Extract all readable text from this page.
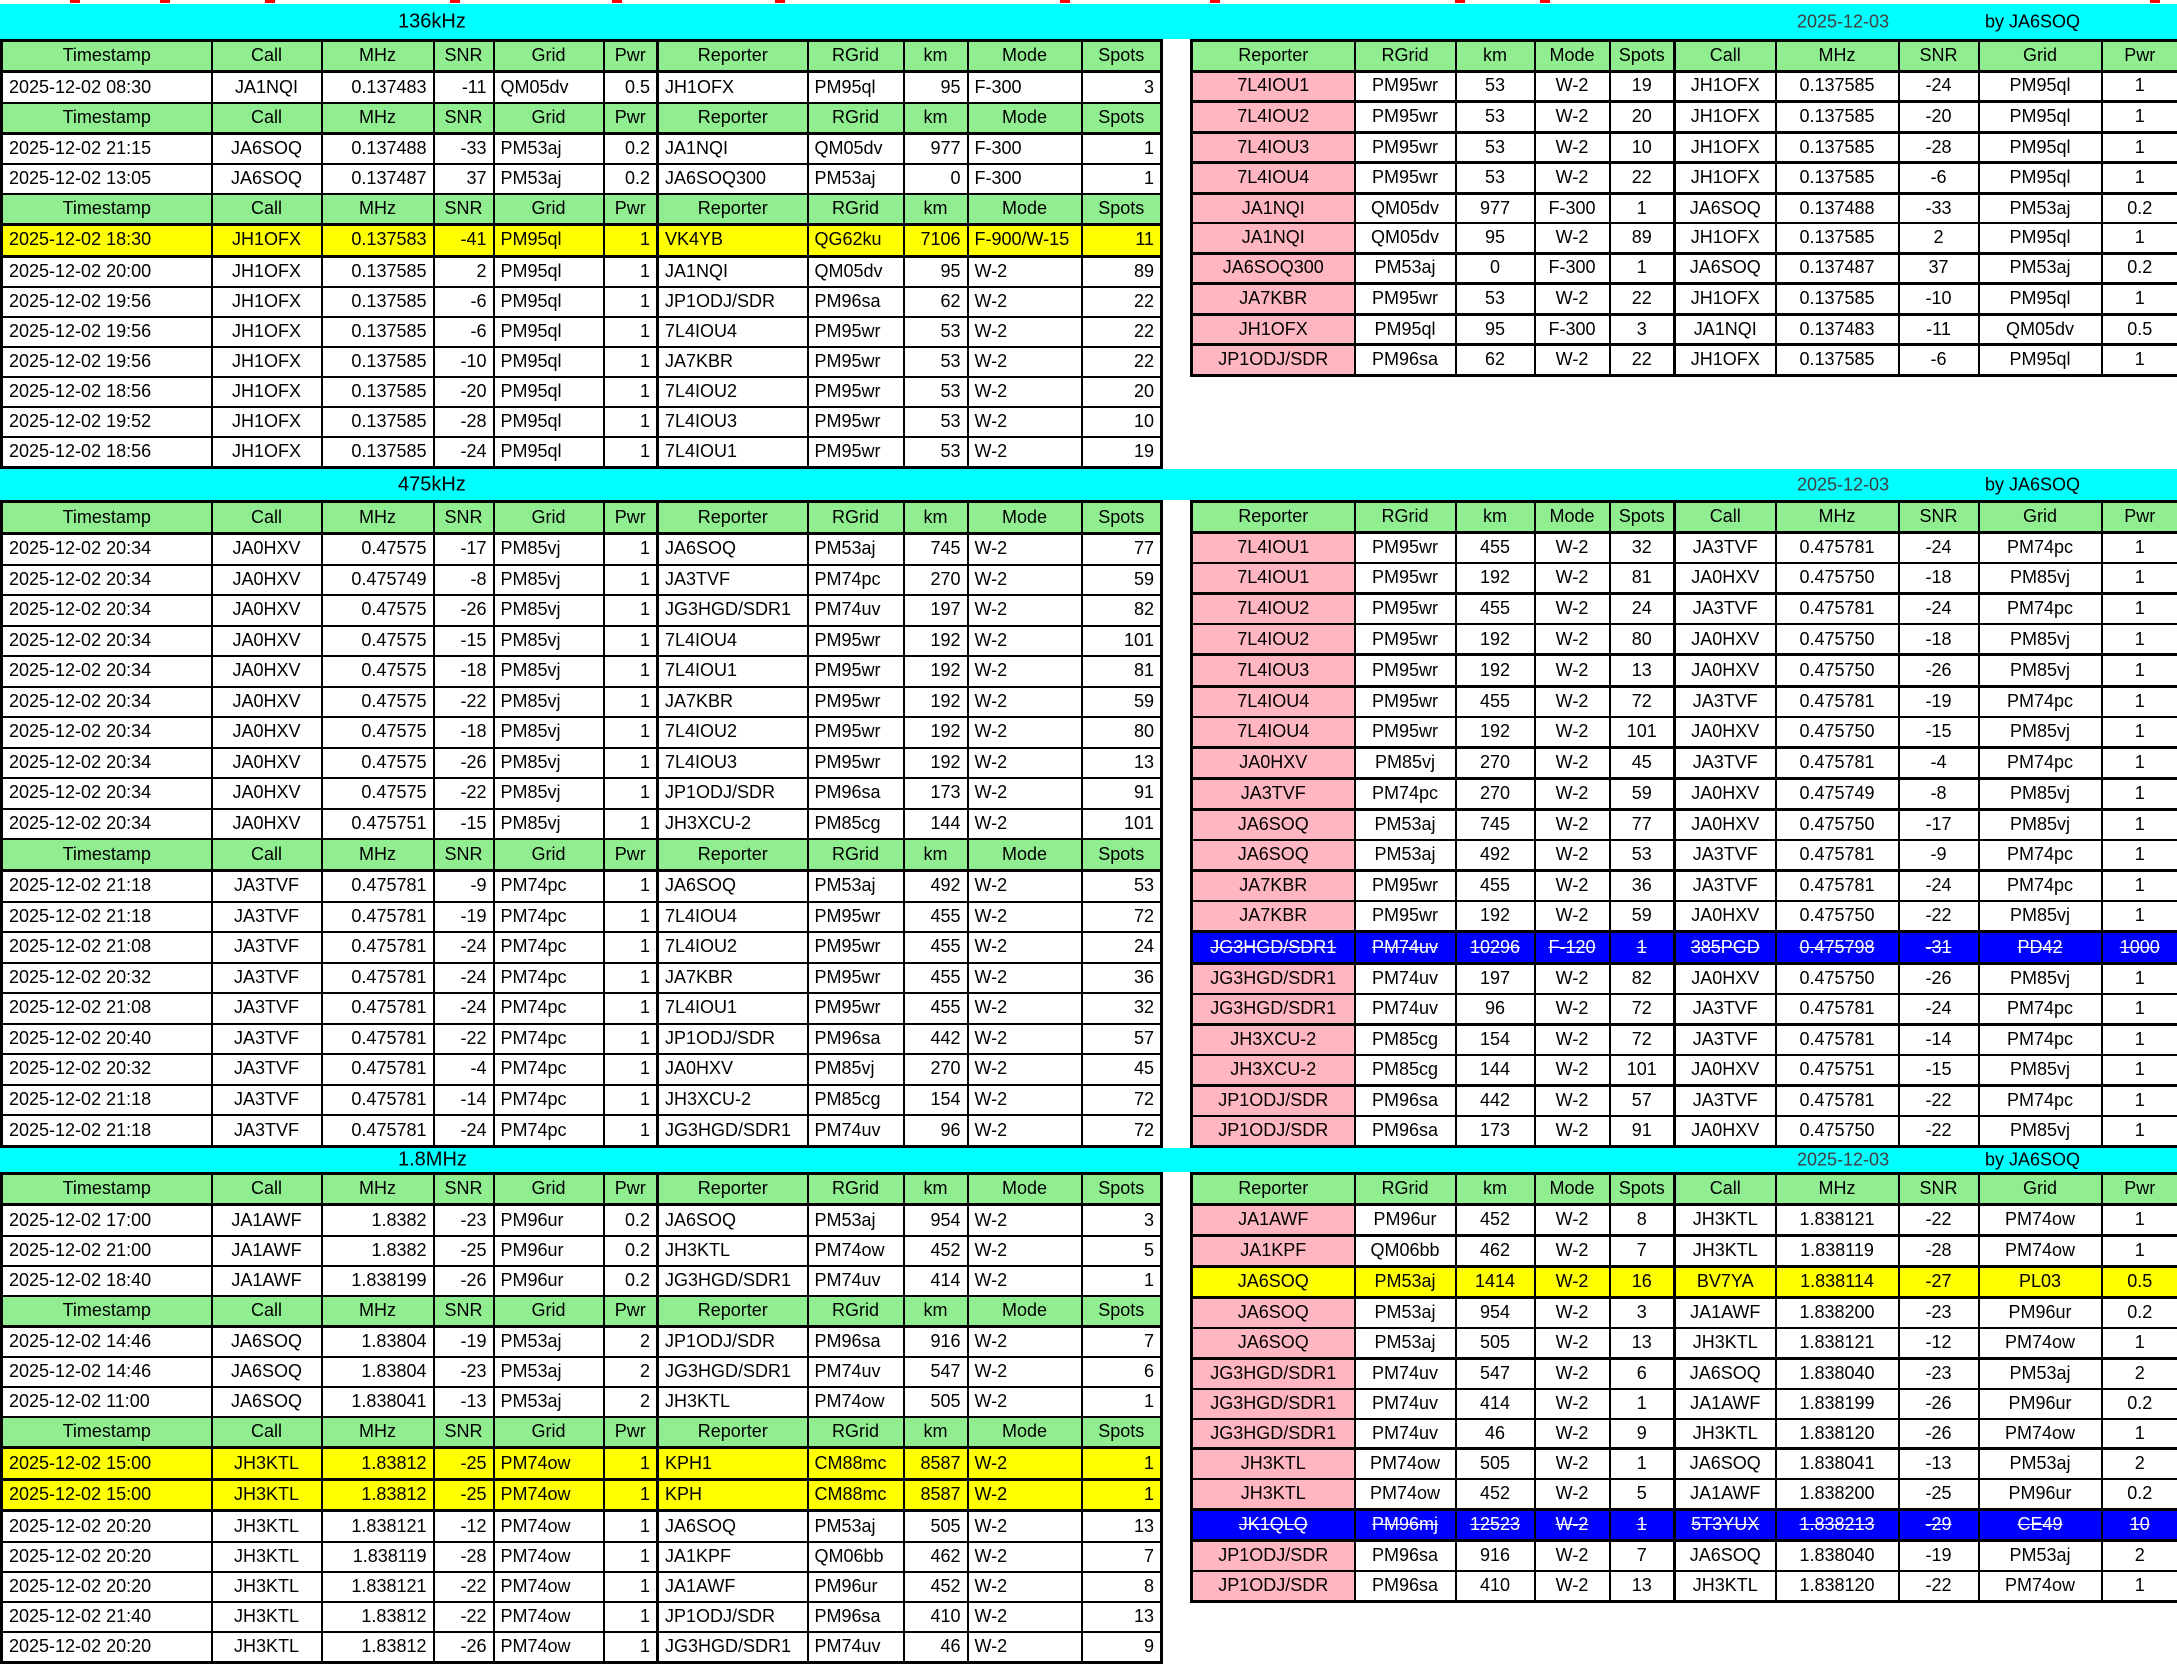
136kHz	2025-12-03	by JA6SOQ
Timestamp	Call	MHz	SNR	Grid	Pwr	Reporter	RGrid	km	Mode	Spots
2025-12-02 08:30	JA1NQI	0.137483	-11	QM05dv	0.5	JH1OFX	PM95ql	95	F-300	3
Timestamp	Call	MHz	SNR	Grid	Pwr	Reporter	RGrid	km	Mode	Spots
2025-12-02 21:15	JA6SOQ	0.137488	-33	PM53aj	0.2	JA1NQI	QM05dv	977	F-300	1
2025-12-02 13:05	JA6SOQ	0.137487	37	PM53aj	0.2	JA6SOQ300	PM53aj	0	F-300	1
Timestamp	Call	MHz	SNR	Grid	Pwr	Reporter	RGrid	km	Mode	Spots
2025-12-02 18:30	JH1OFX	0.137583	-41	PM95ql	1	VK4YB	QG62ku	7106	F-900/W-15	11
2025-12-02 20:00	JH1OFX	0.137585	2	PM95ql	1	JA1NQI	QM05dv	95	W-2	89
2025-12-02 19:56	JH1OFX	0.137585	-6	PM95ql	1	JP1ODJ/SDR	PM96sa	62	W-2	22
2025-12-02 19:56	JH1OFX	0.137585	-6	PM95ql	1	7L4IOU4	PM95wr	53	W-2	22
2025-12-02 19:56	JH1OFX	0.137585	-10	PM95ql	1	JA7KBR	PM95wr	53	W-2	22
2025-12-02 18:56	JH1OFX	0.137585	-20	PM95ql	1	7L4IOU2	PM95wr	53	W-2	20
2025-12-02 19:52	JH1OFX	0.137585	-28	PM95ql	1	7L4IOU3	PM95wr	53	W-2	10
2025-12-02 18:56	JH1OFX	0.137585	-24	PM95ql	1	7L4IOU1	PM95wr	53	W-2	19
Reporter	RGrid	km	Mode	Spots	Call	MHz	SNR	Grid	Pwr
7L4IOU1	PM95wr	53	W-2	19	JH1OFX	0.137585	-24	PM95ql	1
7L4IOU2	PM95wr	53	W-2	20	JH1OFX	0.137585	-20	PM95ql	1
7L4IOU3	PM95wr	53	W-2	10	JH1OFX	0.137585	-28	PM95ql	1
7L4IOU4	PM95wr	53	W-2	22	JH1OFX	0.137585	-6	PM95ql	1
JA1NQI	QM05dv	977	F-300	1	JA6SOQ	0.137488	-33	PM53aj	0.2
JA1NQI	QM05dv	95	W-2	89	JH1OFX	0.137585	2	PM95ql	1
JA6SOQ300	PM53aj	0	F-300	1	JA6SOQ	0.137487	37	PM53aj	0.2
JA7KBR	PM95wr	53	W-2	22	JH1OFX	0.137585	-10	PM95ql	1
JH1OFX	PM95ql	95	F-300	3	JA1NQI	0.137483	-11	QM05dv	0.5
JP1ODJ/SDR	PM96sa	62	W-2	22	JH1OFX	0.137585	-6	PM95ql	1
475kHz	2025-12-03	by JA6SOQ
Timestamp	Call	MHz	SNR	Grid	Pwr	Reporter	RGrid	km	Mode	Spots
2025-12-02 20:34	JA0HXV	0.47575	-17	PM85vj	1	JA6SOQ	PM53aj	745	W-2	77
2025-12-02 20:34	JA0HXV	0.475749	-8	PM85vj	1	JA3TVF	PM74pc	270	W-2	59
2025-12-02 20:34	JA0HXV	0.47575	-26	PM85vj	1	JG3HGD/SDR1	PM74uv	197	W-2	82
2025-12-02 20:34	JA0HXV	0.47575	-15	PM85vj	1	7L4IOU4	PM95wr	192	W-2	101
2025-12-02 20:34	JA0HXV	0.47575	-18	PM85vj	1	7L4IOU1	PM95wr	192	W-2	81
2025-12-02 20:34	JA0HXV	0.47575	-22	PM85vj	1	JA7KBR	PM95wr	192	W-2	59
2025-12-02 20:34	JA0HXV	0.47575	-18	PM85vj	1	7L4IOU2	PM95wr	192	W-2	80
2025-12-02 20:34	JA0HXV	0.47575	-26	PM85vj	1	7L4IOU3	PM95wr	192	W-2	13
2025-12-02 20:34	JA0HXV	0.47575	-22	PM85vj	1	JP1ODJ/SDR	PM96sa	173	W-2	91
2025-12-02 20:34	JA0HXV	0.475751	-15	PM85vj	1	JH3XCU-2	PM85cg	144	W-2	101
Timestamp	Call	MHz	SNR	Grid	Pwr	Reporter	RGrid	km	Mode	Spots
2025-12-02 21:18	JA3TVF	0.475781	-9	PM74pc	1	JA6SOQ	PM53aj	492	W-2	53
2025-12-02 21:18	JA3TVF	0.475781	-19	PM74pc	1	7L4IOU4	PM95wr	455	W-2	72
2025-12-02 21:08	JA3TVF	0.475781	-24	PM74pc	1	7L4IOU2	PM95wr	455	W-2	24
2025-12-02 20:32	JA3TVF	0.475781	-24	PM74pc	1	JA7KBR	PM95wr	455	W-2	36
2025-12-02 21:08	JA3TVF	0.475781	-24	PM74pc	1	7L4IOU1	PM95wr	455	W-2	32
2025-12-02 20:40	JA3TVF	0.475781	-22	PM74pc	1	JP1ODJ/SDR	PM96sa	442	W-2	57
2025-12-02 20:32	JA3TVF	0.475781	-4	PM74pc	1	JA0HXV	PM85vj	270	W-2	45
2025-12-02 21:18	JA3TVF	0.475781	-14	PM74pc	1	JH3XCU-2	PM85cg	154	W-2	72
2025-12-02 21:18	JA3TVF	0.475781	-24	PM74pc	1	JG3HGD/SDR1	PM74uv	96	W-2	72
Reporter	RGrid	km	Mode	Spots	Call	MHz	SNR	Grid	Pwr
7L4IOU1	PM95wr	455	W-2	32	JA3TVF	0.475781	-24	PM74pc	1
7L4IOU1	PM95wr	192	W-2	81	JA0HXV	0.475750	-18	PM85vj	1
7L4IOU2	PM95wr	455	W-2	24	JA3TVF	0.475781	-24	PM74pc	1
7L4IOU2	PM95wr	192	W-2	80	JA0HXV	0.475750	-18	PM85vj	1
7L4IOU3	PM95wr	192	W-2	13	JA0HXV	0.475750	-26	PM85vj	1
7L4IOU4	PM95wr	455	W-2	72	JA3TVF	0.475781	-19	PM74pc	1
7L4IOU4	PM95wr	192	W-2	101	JA0HXV	0.475750	-15	PM85vj	1
JA0HXV	PM85vj	270	W-2	45	JA3TVF	0.475781	-4	PM74pc	1
JA3TVF	PM74pc	270	W-2	59	JA0HXV	0.475749	-8	PM85vj	1
JA6SOQ	PM53aj	745	W-2	77	JA0HXV	0.475750	-17	PM85vj	1
JA6SOQ	PM53aj	492	W-2	53	JA3TVF	0.475781	-9	PM74pc	1
JA7KBR	PM95wr	455	W-2	36	JA3TVF	0.475781	-24	PM74pc	1
JA7KBR	PM95wr	192	W-2	59	JA0HXV	0.475750	-22	PM85vj	1
JG3HGD/SDR1	PM74uv	10296	F-120	1	385PGD	0.475798	-31	PD42	1000
JG3HGD/SDR1	PM74uv	197	W-2	82	JA0HXV	0.475750	-26	PM85vj	1
JG3HGD/SDR1	PM74uv	96	W-2	72	JA3TVF	0.475781	-24	PM74pc	1
JH3XCU-2	PM85cg	154	W-2	72	JA3TVF	0.475781	-14	PM74pc	1
JH3XCU-2	PM85cg	144	W-2	101	JA0HXV	0.475751	-15	PM85vj	1
JP1ODJ/SDR	PM96sa	442	W-2	57	JA3TVF	0.475781	-22	PM74pc	1
JP1ODJ/SDR	PM96sa	173	W-2	91	JA0HXV	0.475750	-22	PM85vj	1
1.8MHz	2025-12-03	by JA6SOQ
Timestamp	Call	MHz	SNR	Grid	Pwr	Reporter	RGrid	km	Mode	Spots
2025-12-02 17:00	JA1AWF	1.8382	-23	PM96ur	0.2	JA6SOQ	PM53aj	954	W-2	3
2025-12-02 21:00	JA1AWF	1.8382	-25	PM96ur	0.2	JH3KTL	PM74ow	452	W-2	5
2025-12-02 18:40	JA1AWF	1.838199	-26	PM96ur	0.2	JG3HGD/SDR1	PM74uv	414	W-2	1
Timestamp	Call	MHz	SNR	Grid	Pwr	Reporter	RGrid	km	Mode	Spots
2025-12-02 14:46	JA6SOQ	1.83804	-19	PM53aj	2	JP1ODJ/SDR	PM96sa	916	W-2	7
2025-12-02 14:46	JA6SOQ	1.83804	-23	PM53aj	2	JG3HGD/SDR1	PM74uv	547	W-2	6
2025-12-02 11:00	JA6SOQ	1.838041	-13	PM53aj	2	JH3KTL	PM74ow	505	W-2	1
Timestamp	Call	MHz	SNR	Grid	Pwr	Reporter	RGrid	km	Mode	Spots
2025-12-02 15:00	JH3KTL	1.83812	-25	PM74ow	1	KPH1	CM88mc	8587	W-2	1
2025-12-02 15:00	JH3KTL	1.83812	-25	PM74ow	1	KPH	CM88mc	8587	W-2	1
2025-12-02 20:20	JH3KTL	1.838121	-12	PM74ow	1	JA6SOQ	PM53aj	505	W-2	13
2025-12-02 20:20	JH3KTL	1.838119	-28	PM74ow	1	JA1KPF	QM06bb	462	W-2	7
2025-12-02 20:20	JH3KTL	1.838121	-22	PM74ow	1	JA1AWF	PM96ur	452	W-2	8
2025-12-02 21:40	JH3KTL	1.83812	-22	PM74ow	1	JP1ODJ/SDR	PM96sa	410	W-2	13
2025-12-02 20:20	JH3KTL	1.83812	-26	PM74ow	1	JG3HGD/SDR1	PM74uv	46	W-2	9
Reporter	RGrid	km	Mode	Spots	Call	MHz	SNR	Grid	Pwr
JA1AWF	PM96ur	452	W-2	8	JH3KTL	1.838121	-22	PM74ow	1
JA1KPF	QM06bb	462	W-2	7	JH3KTL	1.838119	-28	PM74ow	1
JA6SOQ	PM53aj	1414	W-2	16	BV7YA	1.838114	-27	PL03	0.5
JA6SOQ	PM53aj	954	W-2	3	JA1AWF	1.838200	-23	PM96ur	0.2
JA6SOQ	PM53aj	505	W-2	13	JH3KTL	1.838121	-12	PM74ow	1
JG3HGD/SDR1	PM74uv	547	W-2	6	JA6SOQ	1.838040	-23	PM53aj	2
JG3HGD/SDR1	PM74uv	414	W-2	1	JA1AWF	1.838199	-26	PM96ur	0.2
JG3HGD/SDR1	PM74uv	46	W-2	9	JH3KTL	1.838120	-26	PM74ow	1
JH3KTL	PM74ow	505	W-2	1	JA6SOQ	1.838041	-13	PM53aj	2
JH3KTL	PM74ow	452	W-2	5	JA1AWF	1.838200	-25	PM96ur	0.2
JK1QLQ	PM96mj	12523	W-2	1	5T3YUX	1.838213	-29	CE49	10
JP1ODJ/SDR	PM96sa	916	W-2	7	JA6SOQ	1.838040	-19	PM53aj	2
JP1ODJ/SDR	PM96sa	410	W-2	13	JH3KTL	1.838120	-22	PM74ow	1
